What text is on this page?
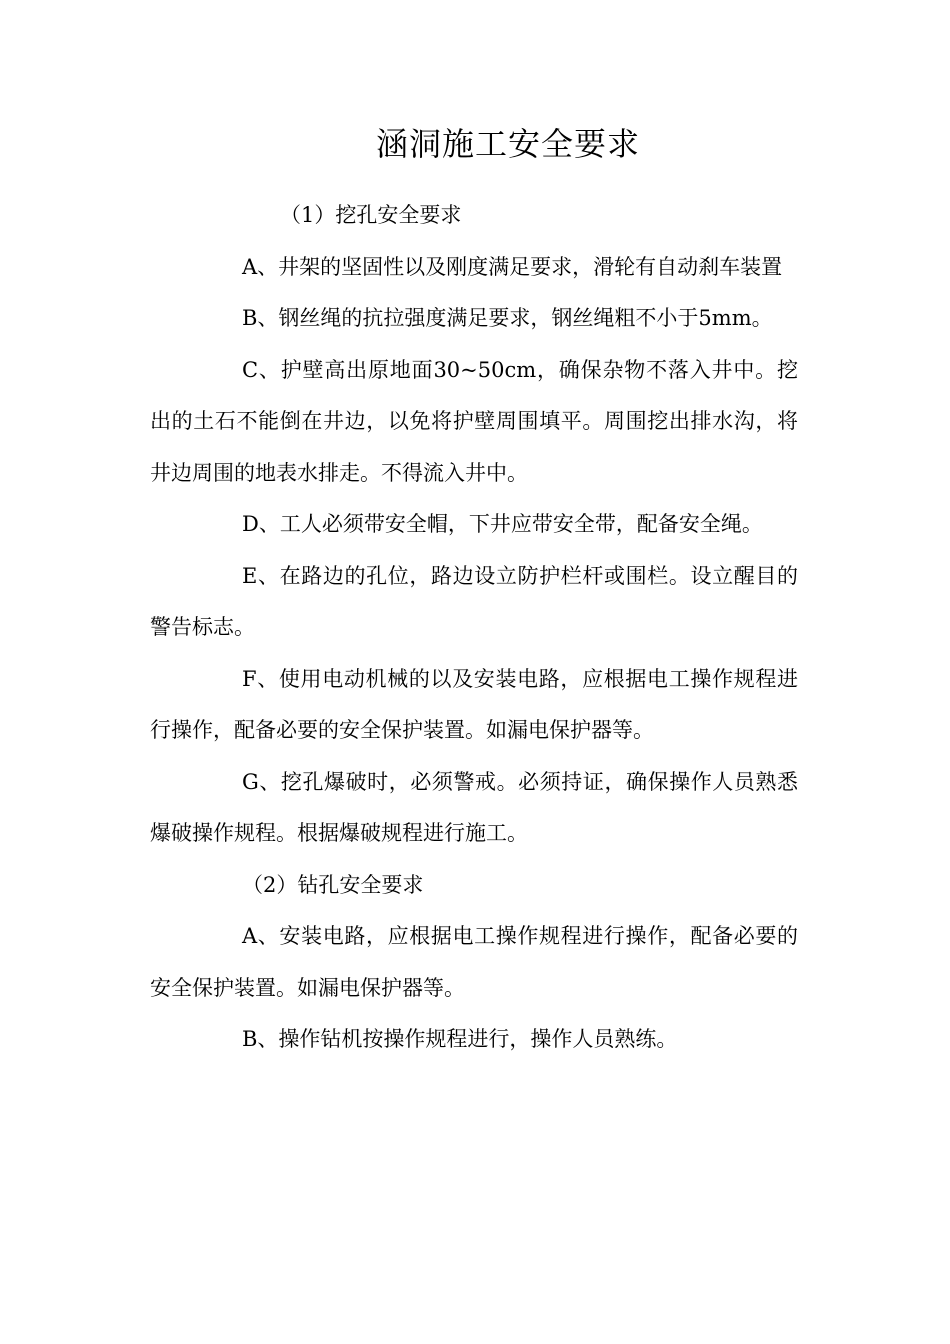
涵洞施工安全要求

（1）挖孔安全要求

A、井架的坚固性以及刚度满足要求，滑轮有自动刹车装置

B、钢丝绳的抗拉强度满足要求，钢丝绳粗不小于5mm。

C、护壁高出原地面30~50cm，确保杂物不落入井中。挖出的土石不能倒在井边，以免将护壁周围填平。周围挖出排水沟，将井边周围的地表水排走。不得流入井中。

D、工人必须带安全帽，下井应带安全带，配备安全绳。

E、在路边的孔位，路边设立防护栏杆或围栏。设立醒目的警告标志。

F、使用电动机械的以及安装电路，应根据电工操作规程进行操作，配备必要的安全保护装置。如漏电保护器等。

G、挖孔爆破时，必须警戒。必须持证，确保操作人员熟悉爆破操作规程。根据爆破规程进行施工。

（2）钻孔安全要求

A、安装电路，应根据电工操作规程进行操作，配备必要的安全保护装置。如漏电保护器等。

B、操作钻机按操作规程进行，操作人员熟练。
